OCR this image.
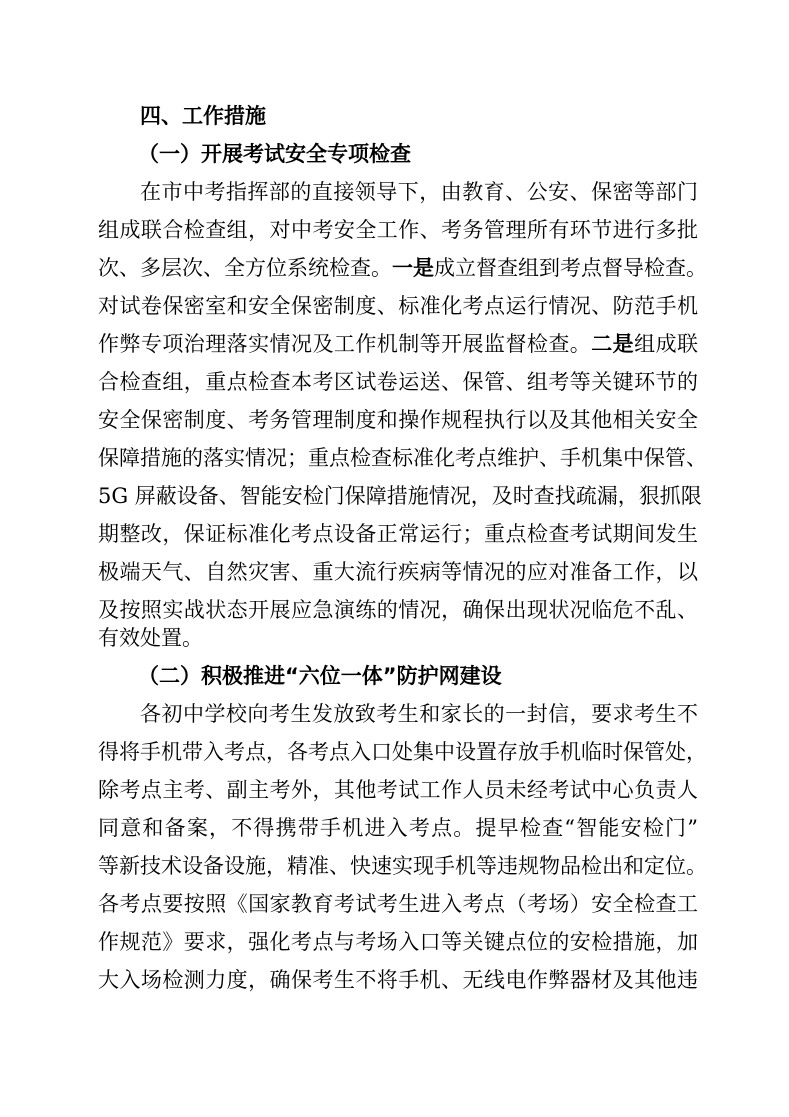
四、工作措施
（一）开展考试安全专项检查
在市中考指挥部的直接领导下，由教育、公安、保密等部门
组成联合检查组，对中考安全工作、考务管理所有环节进行多批
次、多层次、全方位系统检查。一是成立督查组到考点督导检查。
对试卷保密室和安全保密制度、标准化考点运行情况、防范手机
作弊专项治理落实情况及工作机制等开展监督检查。二是组成联
合检查组，重点检查本考区试卷运送、保管、组考等关键环节的
安全保密制度、考务管理制度和操作规程执行以及其他相关安全
保障措施的落实情况；重点检查标准化考点维护、手机集中保管、
5G 屏蔽设备、智能安检门保障措施情况，及时查找疏漏，狠抓限
期整改，保证标准化考点设备正常运行；重点检查考试期间发生
极端天气、自然灾害、重大流行疾病等情况的应对准备工作，以
及按照实战状态开展应急演练的情况，确保出现状况临危不乱、
有效处置。
（二）积极推进“六位一体”防护网建设
各初中学校向考生发放致考生和家长的一封信，要求考生不
得将手机带入考点，各考点入口处集中设置存放手机临时保管处，
除考点主考、副主考外，其他考试工作人员未经考试中心负责人
同意和备案，不得携带手机进入考点。提早检查“智能安检门”
等新技术设备设施，精准、快速实现手机等违规物品检出和定位。
各考点要按照《国家教育考试考生进入考点（考场）安全检查工
作规范》要求，强化考点与考场入口等关键点位的安检措施，加
大入场检测力度，确保考生不将手机、无线电作弊器材及其他违
